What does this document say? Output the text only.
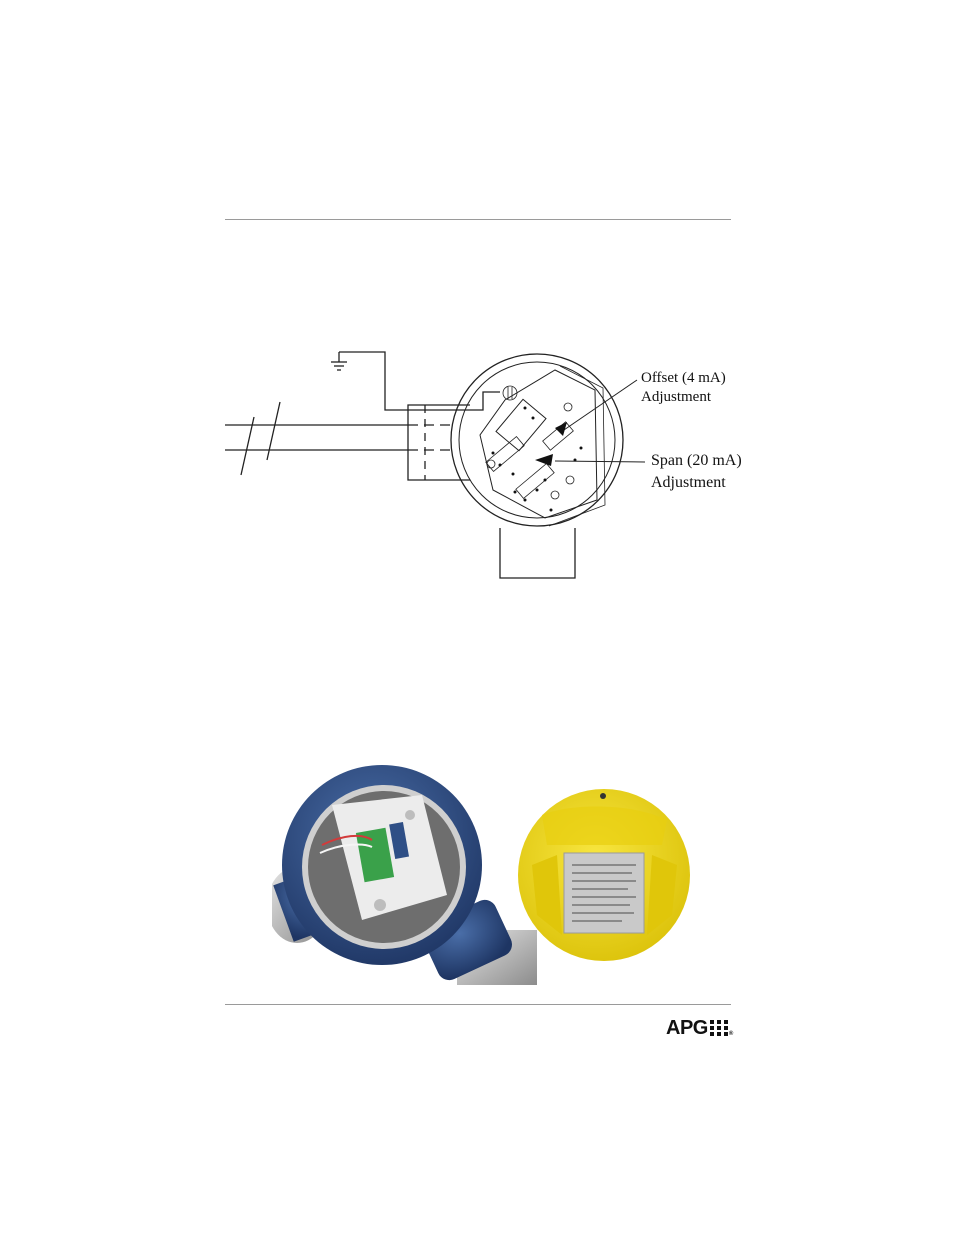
Offset (4 mA)
Adjustment
Span (20 mA)
Adjustment
APG	®
